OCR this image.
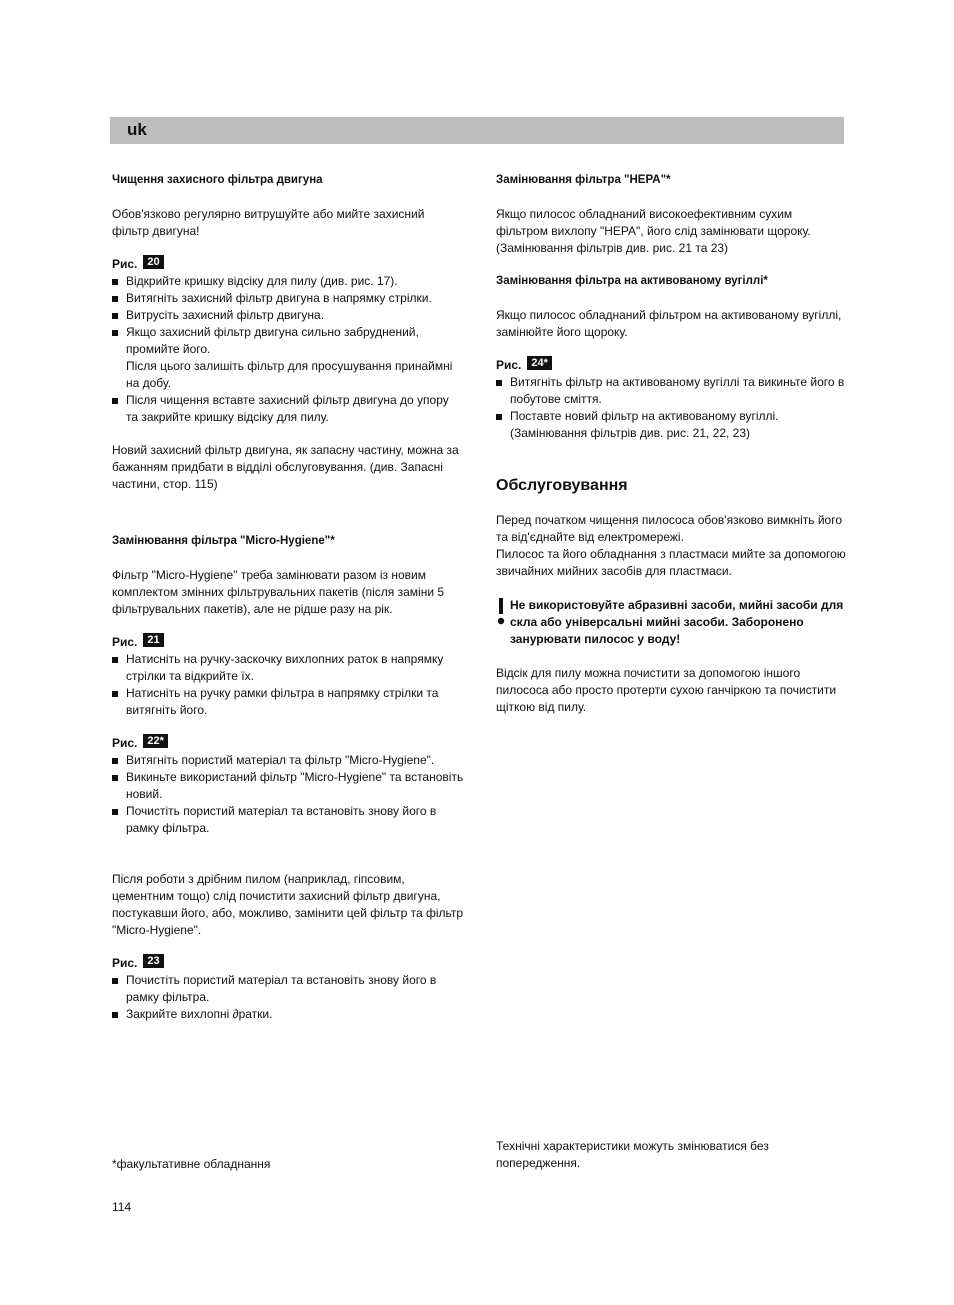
uk

Чищення захисного фільтра двигуна

Обов'язково регулярно витрушуйте або мийте захисний фільтр двигуна!

Рис. 20
Відкрийте кришку відсіку для пилу (див. рис. 17).
Витягніть захисний фільтр двигуна в напрямку стрілки.
Витрусіть захисний фільтр двигуна.
Якщо захисний фільтр двигуна сильно забруднений, промийте його.
Після цього залишіть фільтр для просушування принаймні на добу.
Після чищення вставте захисний фільтр двигуна до упору та закрийте кришку відсіку для пилу.

Новий захисний фільтр двигуна, як запасну частину, можна за бажанням придбати в відділі обслуговування. (див. Запасні частини, стор. 115)

Замінювання фільтра "Micro-Hygiene"*

Фільтр "Micro-Hygiene" треба замінювати разом із новим комплектом змінних фільтрувальних пакетів (після заміни 5 фільтрувальних пакетів), але не рідше разу на рік.

Рис. 21
Натисніть на ручку-заскочку вихлопних раток в напрямку стрілки та відкрийте їх.
Натисніть на ручку рамки фільтра в напрямку стрілки та витягніть його.
Рис. 22*
Витягніть пористий матеріал та фільтр "Micro-Hygiene".
Викиньте використаний фільтр "Micro-Hygiene" та встановіть новий.
Почистіть пористий матеріал та встановіть знову його в рамку фільтра.

Після роботи з дрібним пилом (наприклад, гіпсовим, цементним тощо) слід почистити захисний фільтр двигуна, постукавши його, або, можливо, замінити цей фільтр та фільтр "Micro-Hygiene".

Рис. 23
Почистіть пористий матеріал та встановіть знову його в рамку фільтра.
Закрийте вихлопні ∂ратки.

Замінювання фільтра "HEPA"*

Якщо пилосос обладнаний високоефективним сухим фільтром вихлопу "HEPA", його слід замінювати щороку. (Замінювання фільтрів див. рис. 21 та 23)

Замінювання фільтра на активованому вугіллі*

Якщо пилосос обладнаний фільтром на активованому вугіллі, замінюйте його щороку.

Рис. 24*
Витягніть фільтр на активованому вугіллі та викиньте його в побутове сміття.
Поставте новий фільтр на активованому вугіллі. (Замінювання фільтрів див. рис. 21, 22, 23)

Обслуговування

Перед початком чищення пилососа обов'язково вимкніть його та від'єднайте від електромережі.

Пилосос та його обладнання з пластмаси мийте за допомогою звичайних мийних засобів для пластмаси.

Не використовуйте абразивні засоби, мийні засоби для скла або універсальні мийні засоби. Заборонено занурювати пилосос у воду!

Відсік для пилу можна почистити за допомогою іншого пилососа або просто протерти сухою ганчіркою та почистити щіткою від пилу.

*факультативне обладнання
Технічні характеристики можуть змінюватися без попередження.
114
